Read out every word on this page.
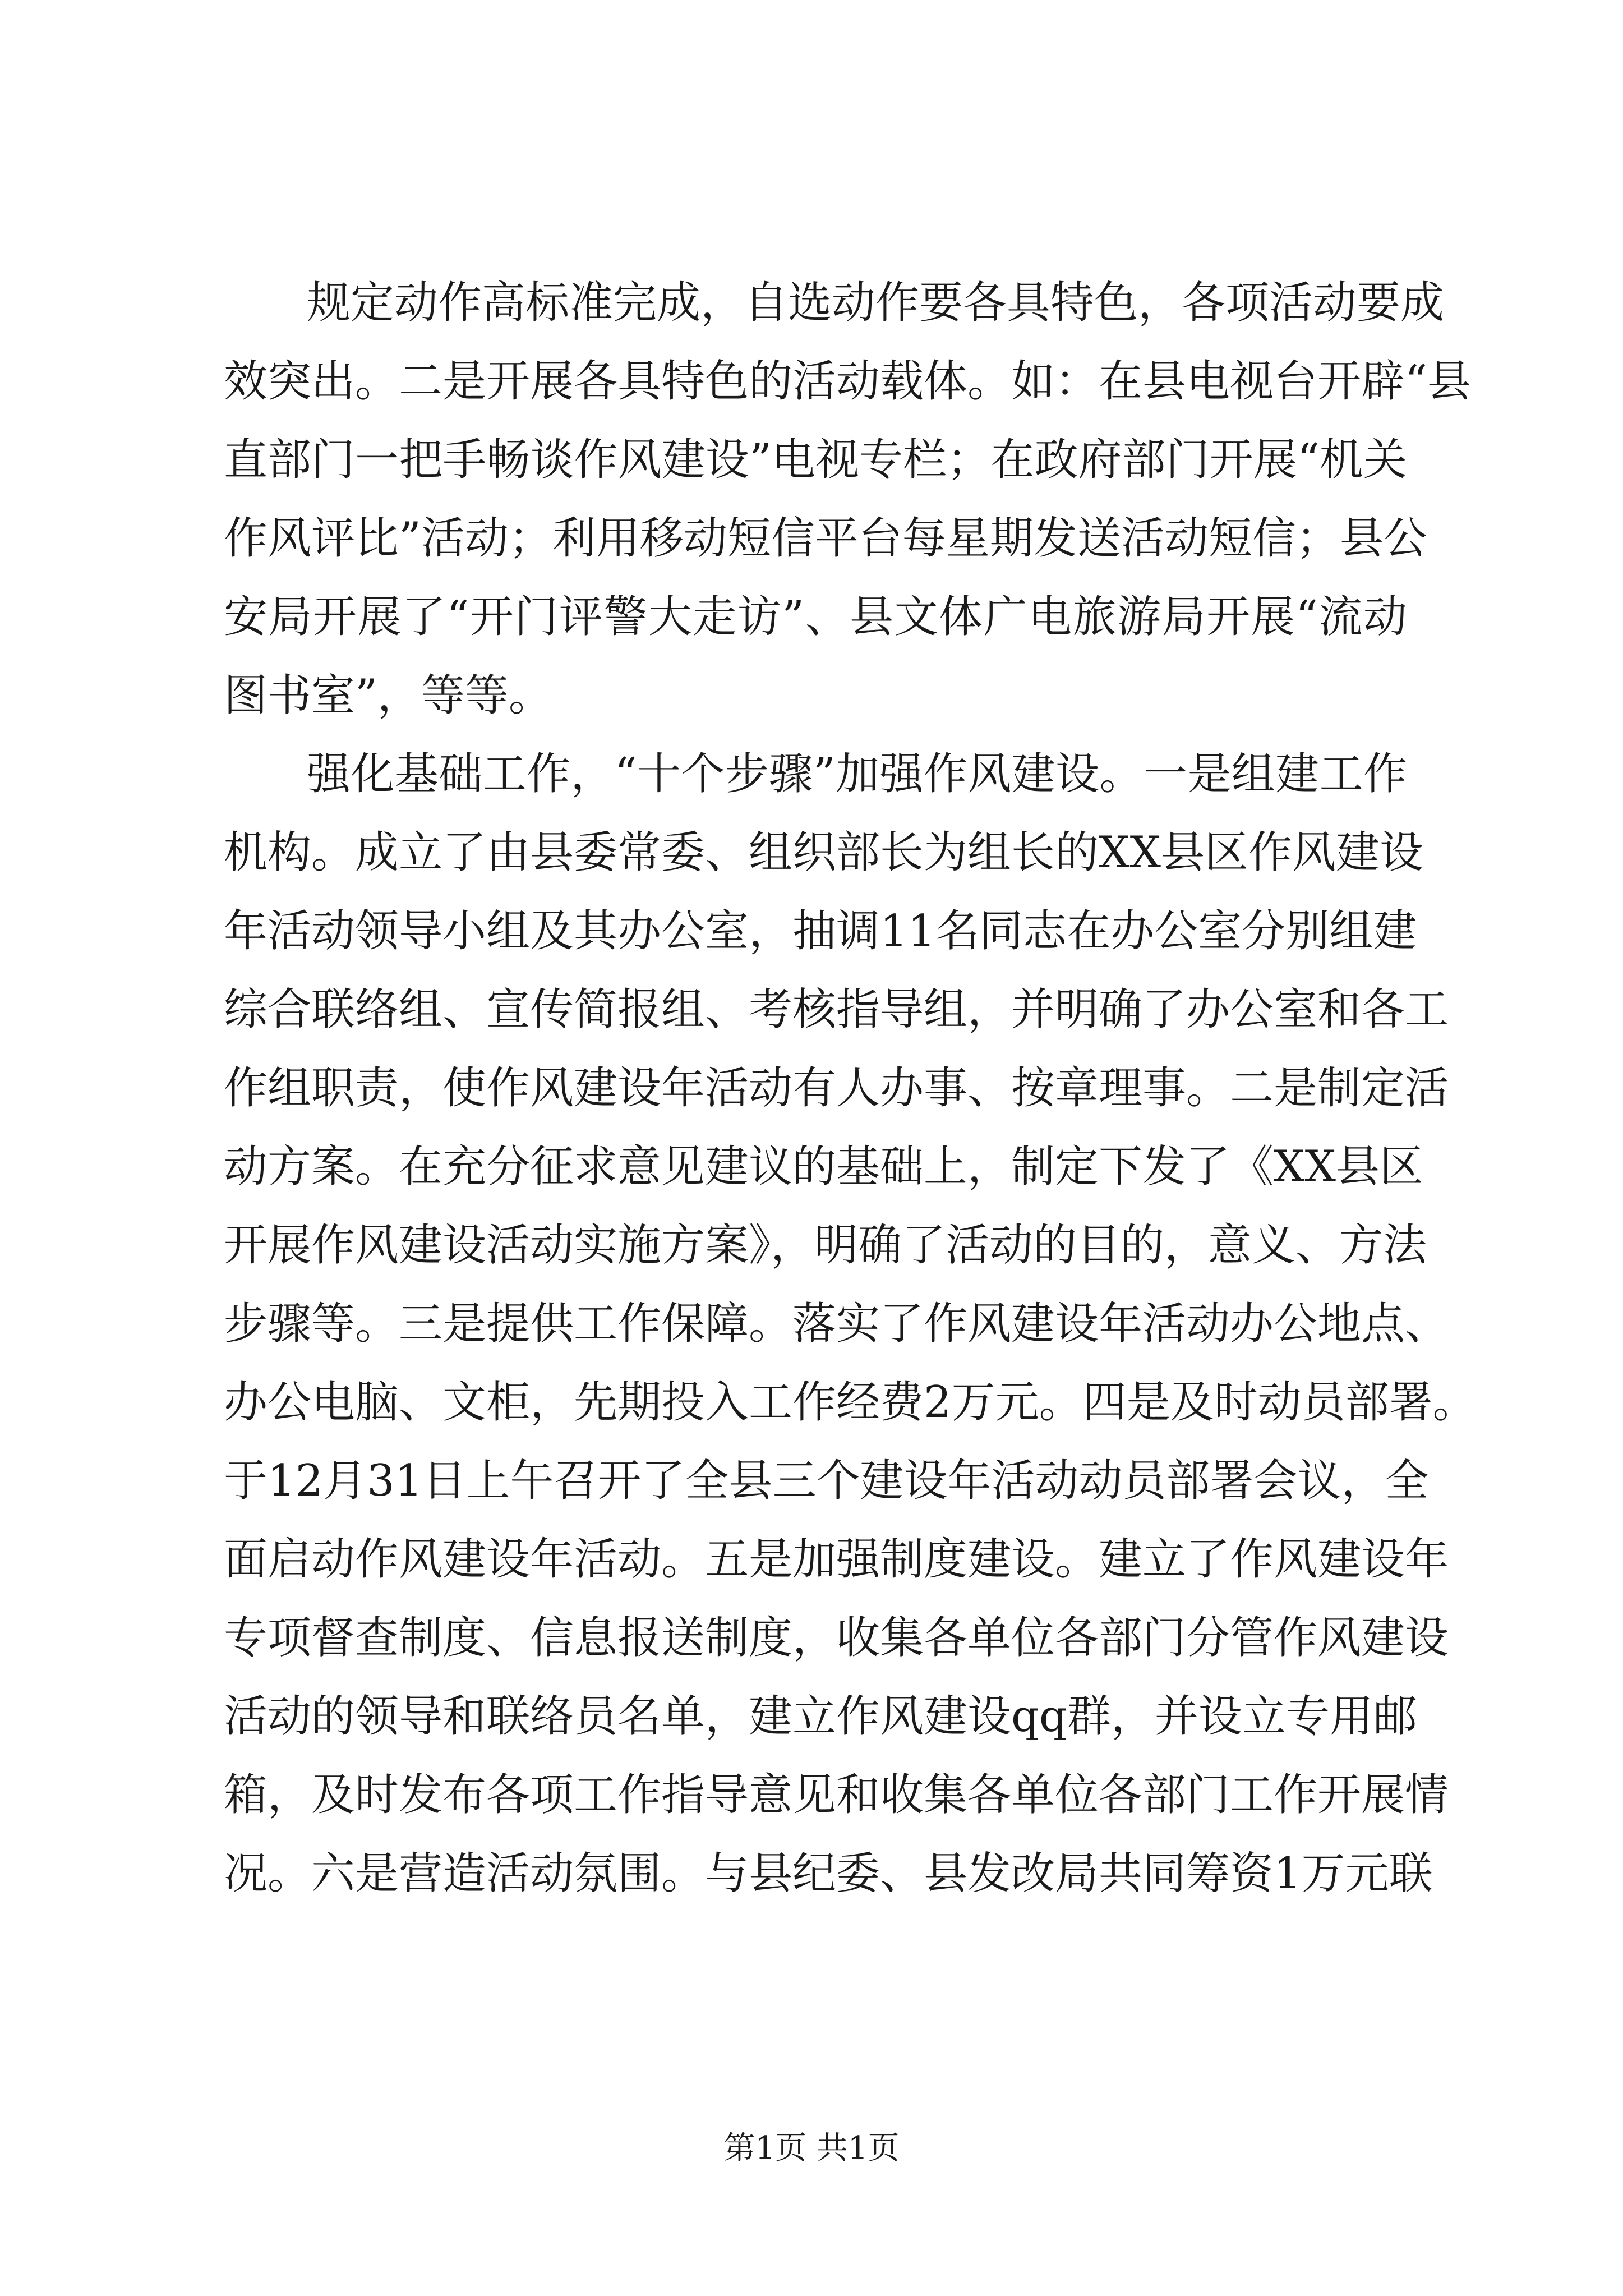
规定动作高标准完成，自选动作要各具特色，各项活动要成
效突出。二是开展各具特色的活动载体。如：在县电视台开辟“县
直部门一把手畅谈作风建设”电视专栏；在政府部门开展“机关
作风评比”活动；利用移动短信平台每星期发送活动短信；县公
安局开展了“开门评警大走访”、县文体广电旅游局开展“流动
图书室”，等等。
强化基础工作，“十个步骤”加强作风建设。一是组建工作
机构。成立了由县委常委、组织部长为组长的XX县区作风建设
年活动领导小组及其办公室，抽调11名同志在办公室分别组建
综合联络组、宣传简报组、考核指导组，并明确了办公室和各工
作组职责，使作风建设年活动有人办事、按章理事。二是制定活
动方案。在充分征求意见建议的基础上，制定下发了《XX县区
开展作风建设活动实施方案》，明确了活动的目的，意义、方法
步骤等。三是提供工作保障。落实了作风建设年活动办公地点、
办公电脑、文柜，先期投入工作经费2万元。四是及时动员部署。
于12月31日上午召开了全县三个建设年活动动员部署会议，全
面启动作风建设年活动。五是加强制度建设。建立了作风建设年
专项督查制度、信息报送制度，收集各单位各部门分管作风建设
活动的领导和联络员名单，建立作风建设qq群，并设立专用邮
箱，及时发布各项工作指导意见和收集各单位各部门工作开展情
况。六是营造活动氛围。与县纪委、县发改局共同筹资1万元联
第1页 共1页
